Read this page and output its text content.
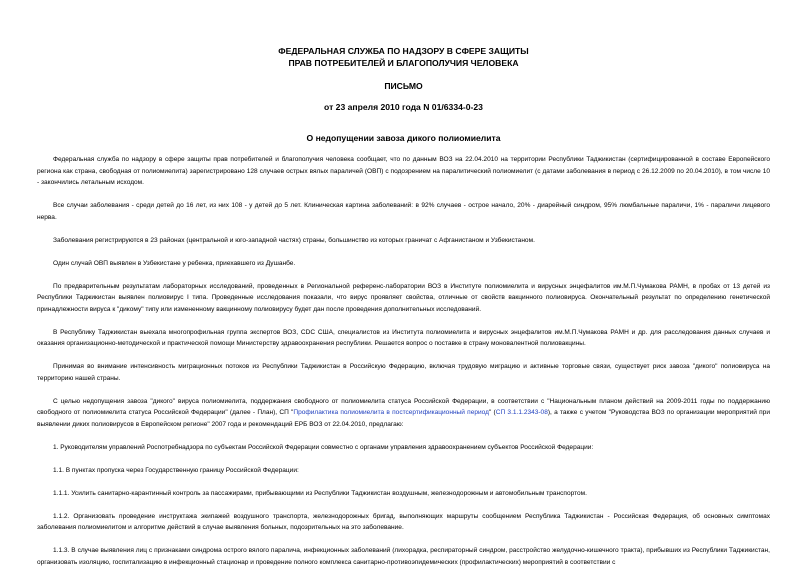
ФЕДЕРАЛЬНАЯ СЛУЖБА ПО НАДЗОРУ В СФЕРЕ ЗАЩИТЫ
ПРАВ ПОТРЕБИТЕЛЕЙ И БЛАГОПОЛУЧИЯ ЧЕЛОВЕКА
ПИСЬМО
от 23 апреля 2010 года N 01/6334-0-23
О недопущении завоза дикого полиомиелита

Федеральная служба по надзору в сфере защиты прав потребителей и благополучия человека сообщает, что по данным ВОЗ на 22.04.2010 на территории Республики Таджикистан (сертифицированной в составе Европейского региона как страна, свободная от полиомиелита) зарегистрировано 128 случаев острых вялых параличей (ОВП) с подозрением на паралитический полиомиелит (с датами заболевания в период с 26.12.2009 по 20.04.2010), в том числе 10 - закончились летальным исходом.

Все случаи заболевания - среди детей до 16 лет, из них 108 - у детей до 5 лет. Клиническая картина заболеваний: в 92% случаев - острое начало, 20% - диарейный синдром, 95% люмбальные параличи, 1% - параличи лицевого нерва.

Заболевания регистрируются в 23 районах (центральной и юго-западной частях) страны, большинство из которых граничат с Афганистаном и Узбекистаном.

Один случай ОВП выявлен в Узбекистане у ребенка, приехавшего из Душанбе.

По предварительным результатам лабораторных исследований, проведенных в Региональной референс-лаборатории ВОЗ в Институте полиомиелита и вирусных энцефалитов им.М.П.Чумакова РАМН, в пробах от 13 детей из Республики Таджикистан выявлен полиовирус I типа. Проведенные исследования показали, что вирус проявляет свойства, отличные от свойств вакцинного полиовируса. Окончательный результат по определению генетической принадлежности вируса к "дикому" типу или измененному вакцинному полиовирусу будет дан после проведения дополнительных исследований.

В Республику Таджикистан выехала многопрофильная группа экспертов ВОЗ, CDC США, специалистов из Института полиомиелита и вирусных энцефалитов им.М.П.Чумакова РАМН и др. для расследования данных случаев и оказания организационно-методической и практической помощи Министерству здравоохранения республики. Решается вопрос о поставке в страну моновалентной полиовакцины.

Принимая во внимание интенсивность миграционных потоков из Республики Таджикистан в Российскую Федерацию, включая трудовую миграцию и активные торговые связи, существует риск завоза "дикого" полиовируса на территорию нашей страны.

С целью недопущения завоза "дикого" вируса полиомиелита, поддержания свободного от полиомиелита статуса Российской Федерации, в соответствии с "Национальным планом действий на 2009-2011 годы по поддержанию свободного от полиомиелита статуса Российской Федерации" (далее - План), СП "Профилактика полиомиелита в постсертификационный период" (СП 3.1.1.2343-08), а также с учетом "Руководства ВОЗ по организации мероприятий при выявлении диких полиовирусов в Европейском регионе" 2007 года и рекомендаций ЕРБ ВОЗ от 22.04.2010, предлагаю:

1. Руководителям управлений Роспотребнадзора по субъектам Российской Федерации совместно с органами управления здравоохранением субъектов Российской Федерации:

1.1. В пунктах пропуска через Государственную границу Российской Федерации:

1.1.1. Усилить санитарно-карантинный контроль за пассажирами, прибывающими из Республики Таджикистан воздушным, железнодорожным и автомобильным транспортом.

1.1.2. Организовать проведение инструктажа экипажей воздушного транспорта, железнодорожных бригад, выполняющих маршруты сообщением Республика Таджикистан - Российская Федерация, об основных симптомах заболевания полиомиелитом и алгоритме действий в случае выявления больных, подозрительных на это заболевание.

1.1.3. В случае выявления лиц с признаками синдрома острого вялого паралича, инфекционных заболеваний (лихорадка, респираторный синдром, расстройство желудочно-кишечного тракта), прибывших из Республики Таджикистан, организовать изоляцию, госпитализацию в инфекционный стационар и проведение полного комплекса санитарно-противоэпидемических (профилактических) мероприятий в соответствии с
